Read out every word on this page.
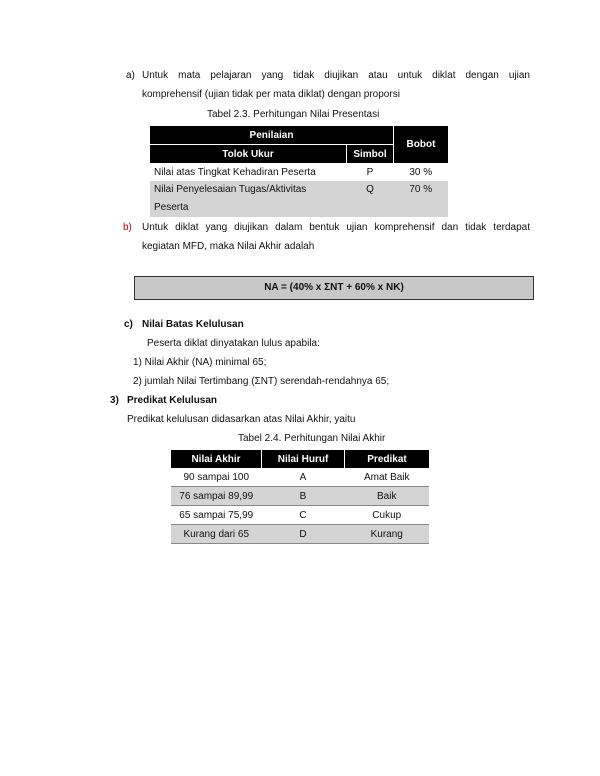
a) Untuk mata pelajaran yang tidak diujikan atau untuk diklat dengan ujian
komprehensif (ujian tidak per mata diklat) dengan proporsi
Tabel 2.3. Perhitungan Nilai Presentasi
Penilaian		Bobot
Tolok Ukur	Simbol	
Nilai atas Tingkat Kehadiran Peserta	P	30 %

Nilai Penyelesaian Tugas/Aktivitas
Peserta	Q	70 %
b) Untuk diklat yang diujikan dalam bentuk ujian komprehensif dan tidak terdapat
kegiatan MFD, maka Nilai Akhir adalah
NA = (40% x ΣNT + 60% x NK)
c) Nilai Batas Kelulusan
Peserta diklat dinyatakan lulus apabila:
1) Nilai Akhir (NA) minimal 65;
2) jumlah Nilai Tertimbang (ΣNT) serendah-rendahnya 65;
3) Predikat Kelulusan
Predikat kelulusan didasarkan atas Nilai Akhir, yaitu
Tabel 2.4. Perhitungan Nilai Akhir
Nilai Akhir	Nilai Huruf	Predikat
90 sampai 100	A	Amat Baik
76 sampai 89,99	B	Baik
65 sampai 75,99	C	Cukup
Kurang dari 65	D	Kurang
